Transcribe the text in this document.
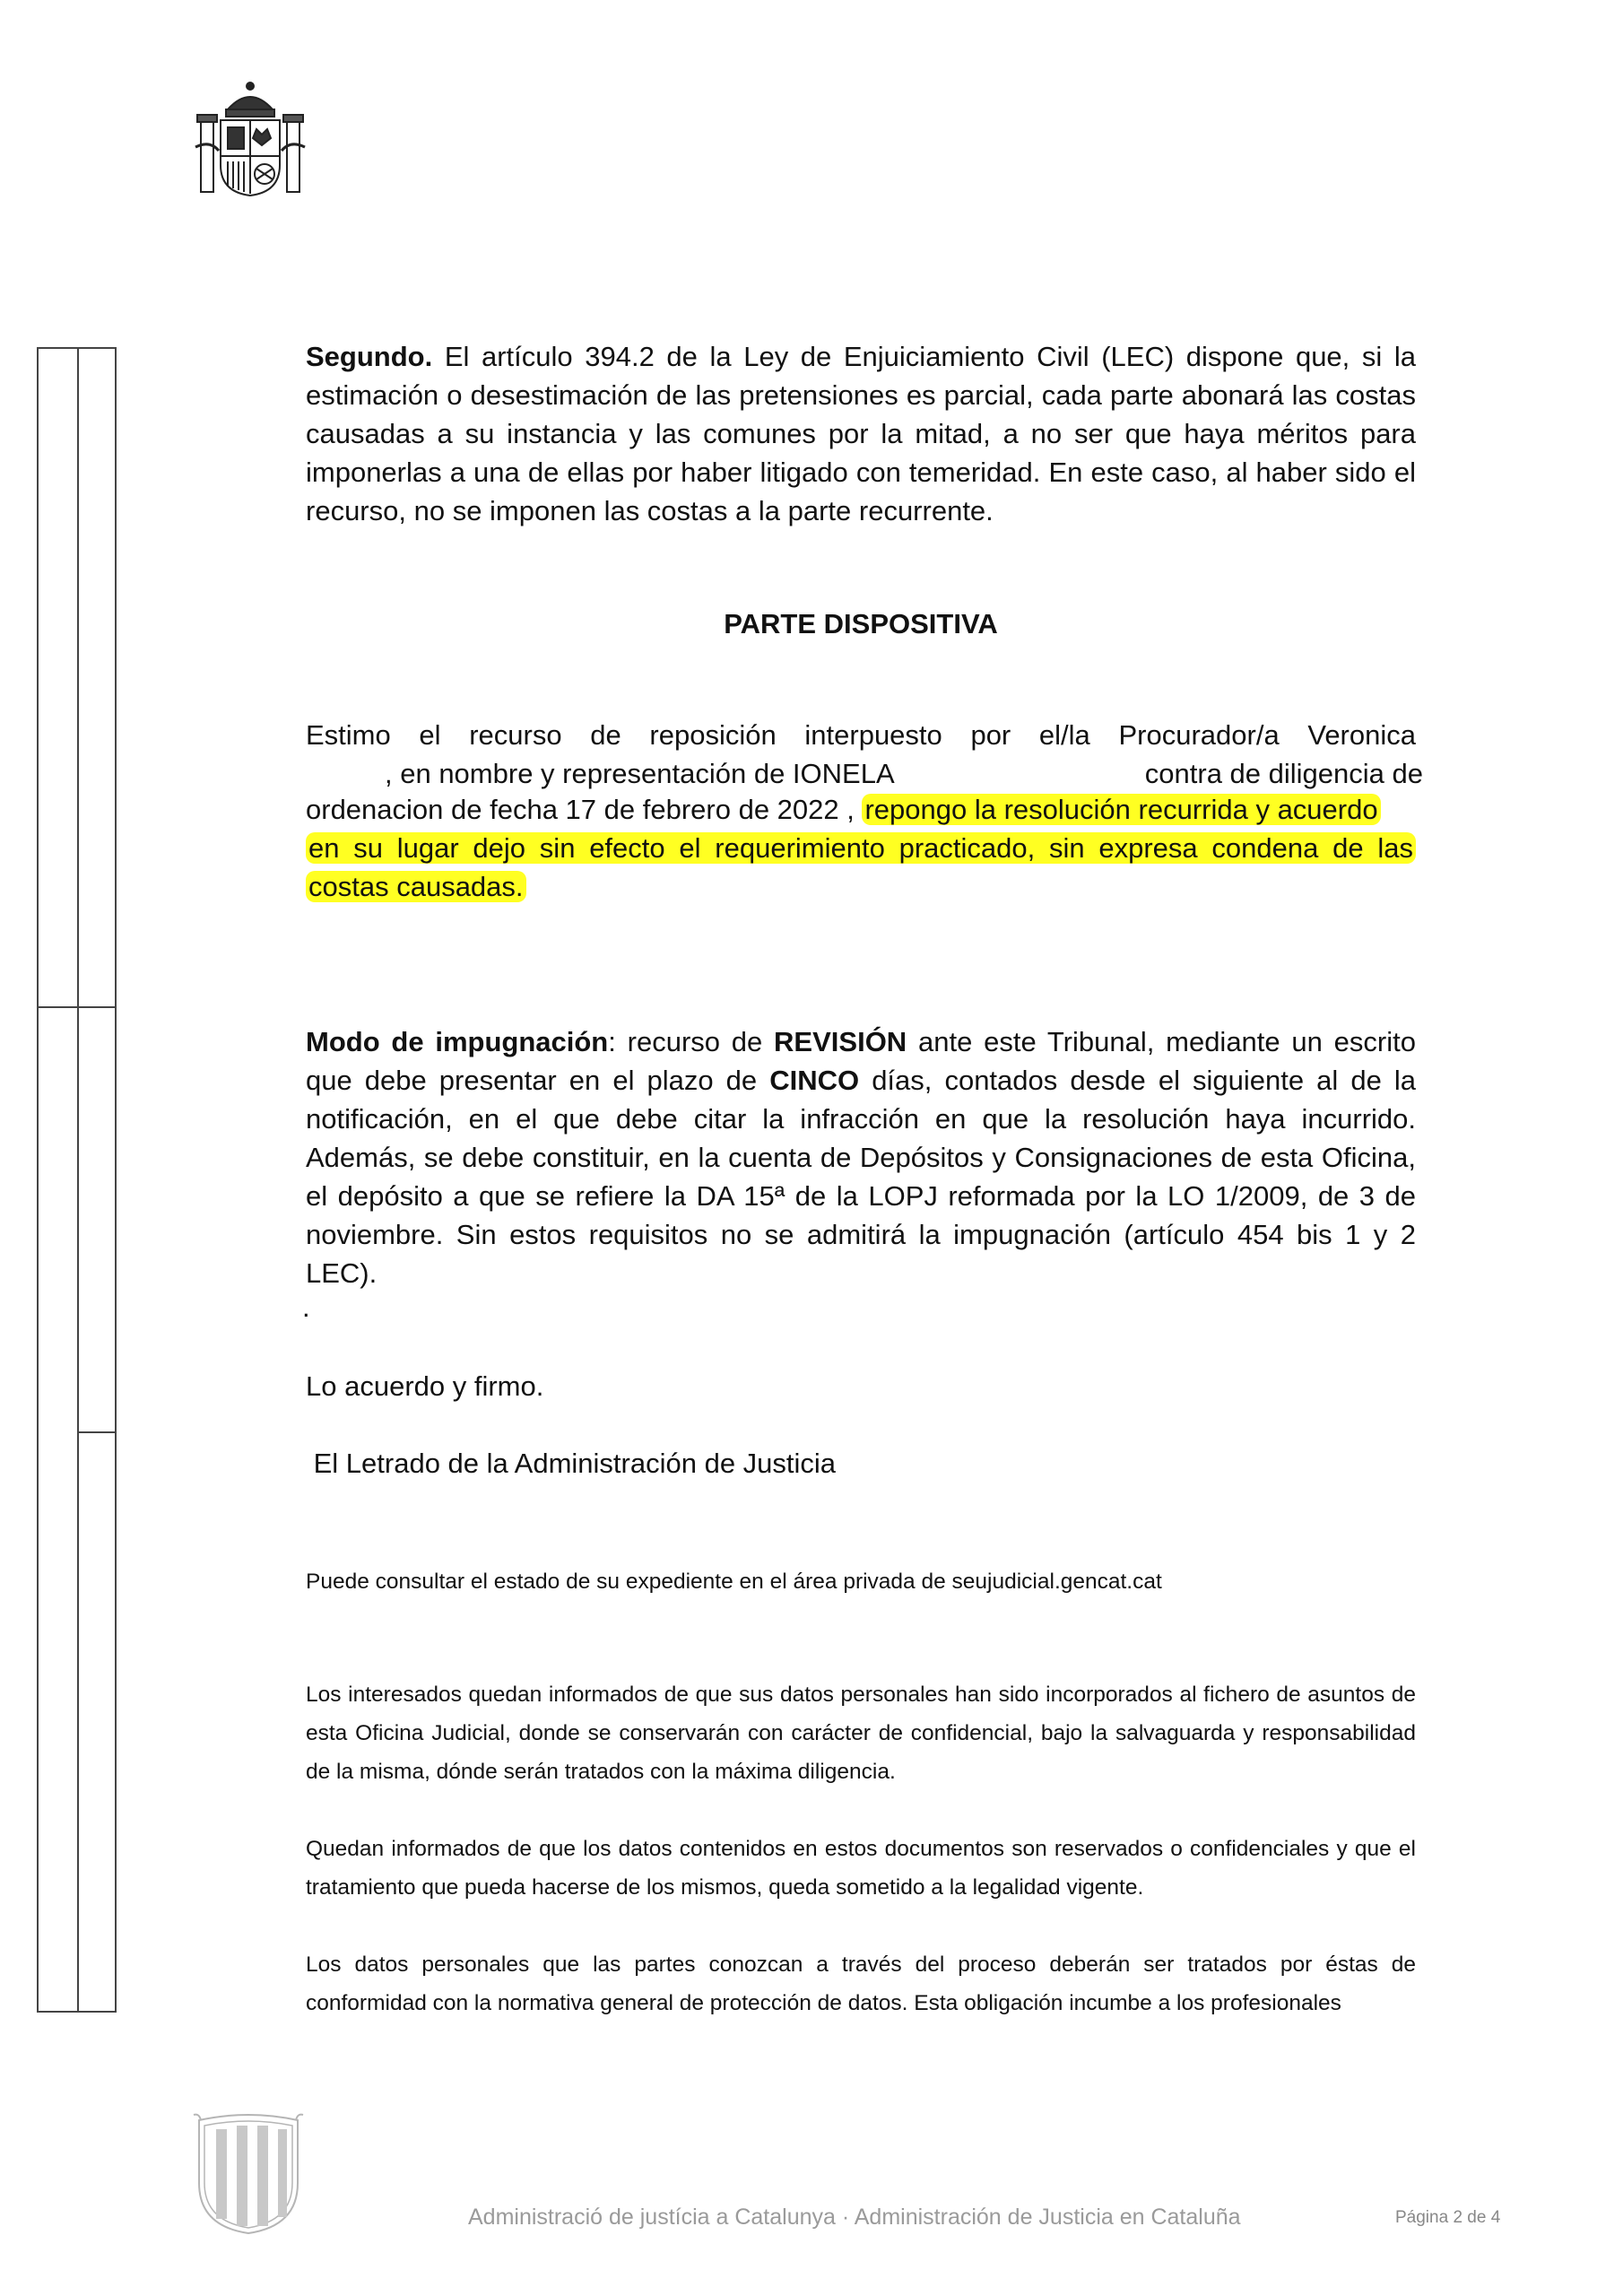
Segundo. El artículo 394.2 de la Ley de Enjuiciamiento Civil (LEC) dispone que, si la estimación o desestimación de las pretensiones es parcial, cada parte abonará las costas causadas a su instancia y las comunes por la mitad, a no ser que haya méritos para imponerlas a una de ellas por haber litigado con temeridad. En este caso, al haber sido el recurso, no se imponen las costas a la parte recurrente.

PARTE DISPOSITIVA

Estimo el recurso de reposición interpuesto por el/la Procurador/a Veronica

, en nombre y representación de IONELA	contra de diligencia de

ordenacion de fecha 17 de febrero de 2022 , repongo la resolución recurrida y acuerdo

en su lugar dejo sin efecto el requerimiento practicado, sin expresa condena de las

costas causadas.

Modo de impugnación: recurso de REVISIÓN ante este Tribunal, mediante un escrito que debe presentar en el plazo de CINCO días, contados desde el siguiente al de la notificación, en el que debe citar la infracción en que la resolución haya incurrido. Además, se debe constituir, en la cuenta de Depósitos y Consignaciones de esta Oficina, el depósito a que se refiere la DA 15ª de la LOPJ reformada por la LO 1/2009, de 3 de noviembre. Sin estos requisitos no se admitirá la impugnación (artículo 454 bis 1 y 2 LEC).

.

Lo acuerdo y firmo.

El Letrado de la Administración de Justicia

Puede consultar el estado de su expediente en el área privada de seujudicial.gencat.cat

Los interesados quedan informados de que sus datos personales han sido incorporados al fichero de asuntos de esta Oficina Judicial, donde se conservarán con carácter de confidencial, bajo la salvaguarda y responsabilidad de la misma, dónde serán tratados con la máxima diligencia.

Quedan informados de que los datos contenidos en estos documentos son reservados o confidenciales y que el tratamiento que pueda hacerse de los mismos, queda sometido a la legalidad vigente.

Los datos personales que las partes conozcan a través del proceso deberán ser tratados por éstas de conformidad con la normativa general de protección de datos. Esta obligación incumbe a los profesionales

Administració de justícia a Catalunya · Administración de Justicia en Cataluña	Página 2 de 4
